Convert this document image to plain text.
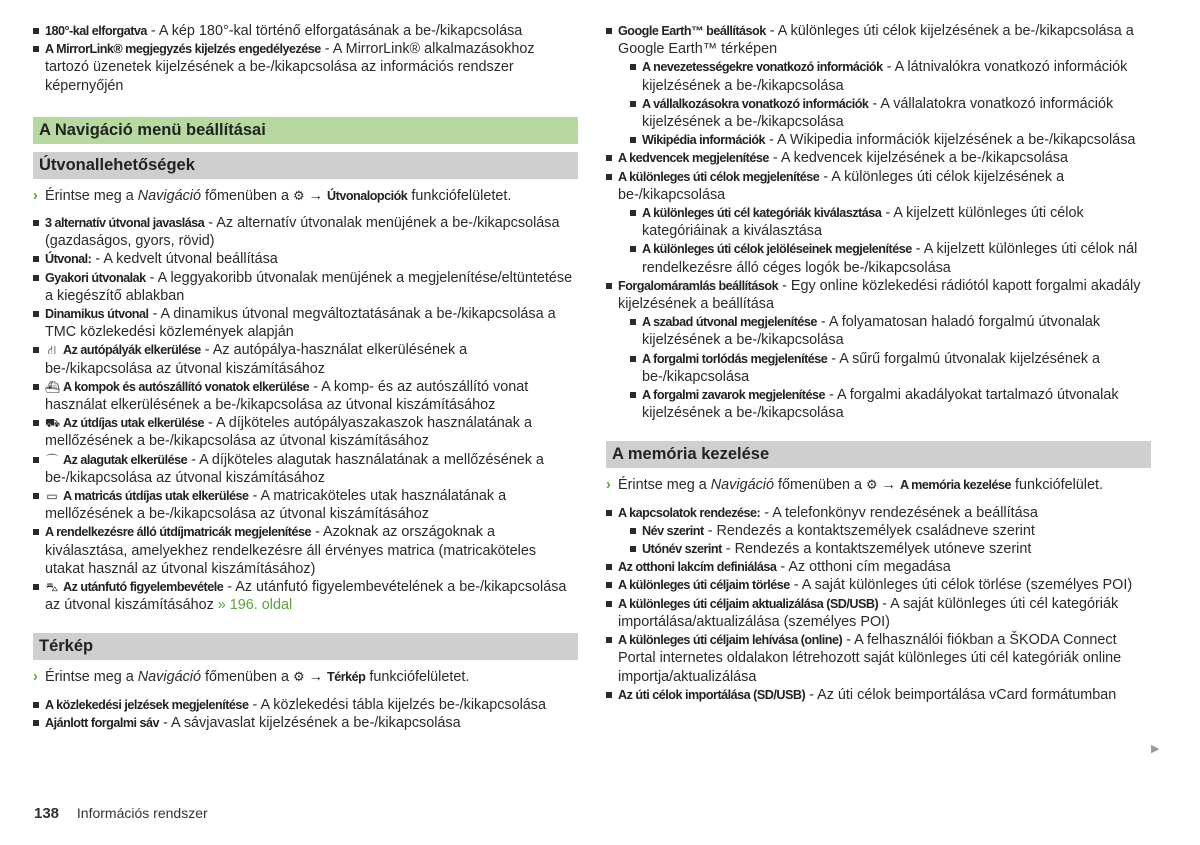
180°-kal elforgatva - A kép 180°-kal történő elforgatásának a be-/kikapcsolása
A MirrorLink® megjegyzés kijelzés engedélyezése - A MirrorLink® alkalmazásokhoz tartozó üzenetek kijelzésének a be-/kikapcsolása az információs rendszer képernyőjén
A Navigáció menü beállításai
Útvonallehetőségek
› Érintse meg a Navigáció főmenüben a ⚙ → Útvonalopciók funkciófelületet.
3 alternatív útvonal javaslása - Az alternatív útvonalak menüjének a be-/kikapcsolása (gazdaságos, gyors, rövid)
Útvonal: - A kedvelt útvonal beállítása
Gyakori útvonalak - A leggyakoribb útvonalak menüjének a megjelenítése/eltüntetése a kiegészítő ablakban
Dinamikus útvonal - A dinamikus útvonal megváltoztatásának a be-/kikapcsolása a TMC közlekedési közlemények alapján
⛙ Az autópályák elkerülése - Az autópálya-használat elkerülésének a be-/kikapcsolása az útvonal kiszámításához
⛴ A kompok és autószállító vonatok elkerülése - A komp- és az autószállító vonat használat elkerülésének a be-/kikapcsolása az útvonal kiszámításához
⛟ Az útdíjas utak elkerülése - A díjköteles autópályaszakaszok használatának a mellőzésének a be-/kikapcsolása az útvonal kiszámításához
⌒ Az alagutak elkerülése - A díjköteles alagutak használatának a mellőzésének a be-/kikapcsolása az útvonal kiszámításához
▭ A matricás útdíjas utak elkerülése - A matricaköteles utak használatának a mellőzésének a be-/kikapcsolása az útvonal kiszámításához
A rendelkezésre álló útdíjmatricák megjelenítése - Azoknak az országoknak a kiválasztása, amelyekhez rendelkezésre áll érvényes matrica (matricaköteles utakat használ az útvonal kiszámításához)
⛍ Az utánfutó figyelembevétele - Az utánfutó figyelembevételének a be-/kikapcsolása az útvonal kiszámításához » 196. oldal
Térkép
› Érintse meg a Navigáció főmenüben a ⚙ → Térkép funkciófelületet.
A közlekedési jelzések megjelenítése - A közlekedési tábla kijelzés be-/kikapcsolása
Ajánlott forgalmi sáv - A sávjavaslat kijelzésének a be-/kikapcsolása
Google Earth™ beállítások - A különleges úti célok kijelzésének a be-/kikapcsolása a Google Earth™ térképen
A nevezetességekre vonatkozó információk - A látnivalókra vonatkozó információk kijelzésének a be-/kikapcsolása
A vállalkozásokra vonatkozó információk - A vállalatokra vonatkozó információk kijelzésének a be-/kikapcsolása
Wikipédia információk - A Wikipedia információk kijelzésének a be-/kikapcsolása
A kedvencek megjelenítése - A kedvencek kijelzésének a be-/kikapcsolása
A különleges úti célok megjelenítése - A különleges úti célok kijelzésének a be-/kikapcsolása
A különleges úti cél kategóriák kiválasztása - A kijelzett különleges úti célok kategóriáinak a kiválasztása
A különleges úti célok jelöléseinek megjelenítése - A kijelzett különleges úti célok nál rendelkezésre álló céges logók be-/kikapcsolása
Forgalomáramlás beállítások - Egy online közlekedési rádiótól kapott forgalmi akadály kijelzésének a beállítása
A szabad útvonal megjelenítése - A folyamatosan haladó forgalmú útvonalak kijelzésének a be-/kikapcsolása
A forgalmi torlódás megjelenítése - A sűrű forgalmú útvonalak kijelzésének a be-/kikapcsolása
A forgalmi zavarok megjelenítése - A forgalmi akadályokat tartalmazó útvonalak kijelzésének a be-/kikapcsolása
A memória kezelése
› Érintse meg a Navigáció főmenüben a ⚙ → A memória kezelése funkciófelület.
A kapcsolatok rendezése: - A telefonkönyv rendezésének a beállítása
Név szerint - Rendezés a kontaktszemélyek családneve szerint
Utónév szerint - Rendezés a kontaktszemélyek utóneve szerint
Az otthoni lakcím definiálása - Az otthoni cím megadása
A különleges úti céljaim törlése - A saját különleges úti célok törlése (személyes POI)
A különleges úti céljaim aktualizálása (SD/USB) - A saját különleges úti cél kategóriák importálása/aktualizálása (személyes POI)
A különleges úti céljaim lehívása (online) - A felhasználói fiókban a ŠKODA Connect Portal internetes oldalakon létrehozott saját különleges úti cél kategóriák online importja/aktualizálása
Az úti célok importálása (SD/USB) - Az úti célok beimportálása vCard formátumban
▶
138 Információs rendszer
